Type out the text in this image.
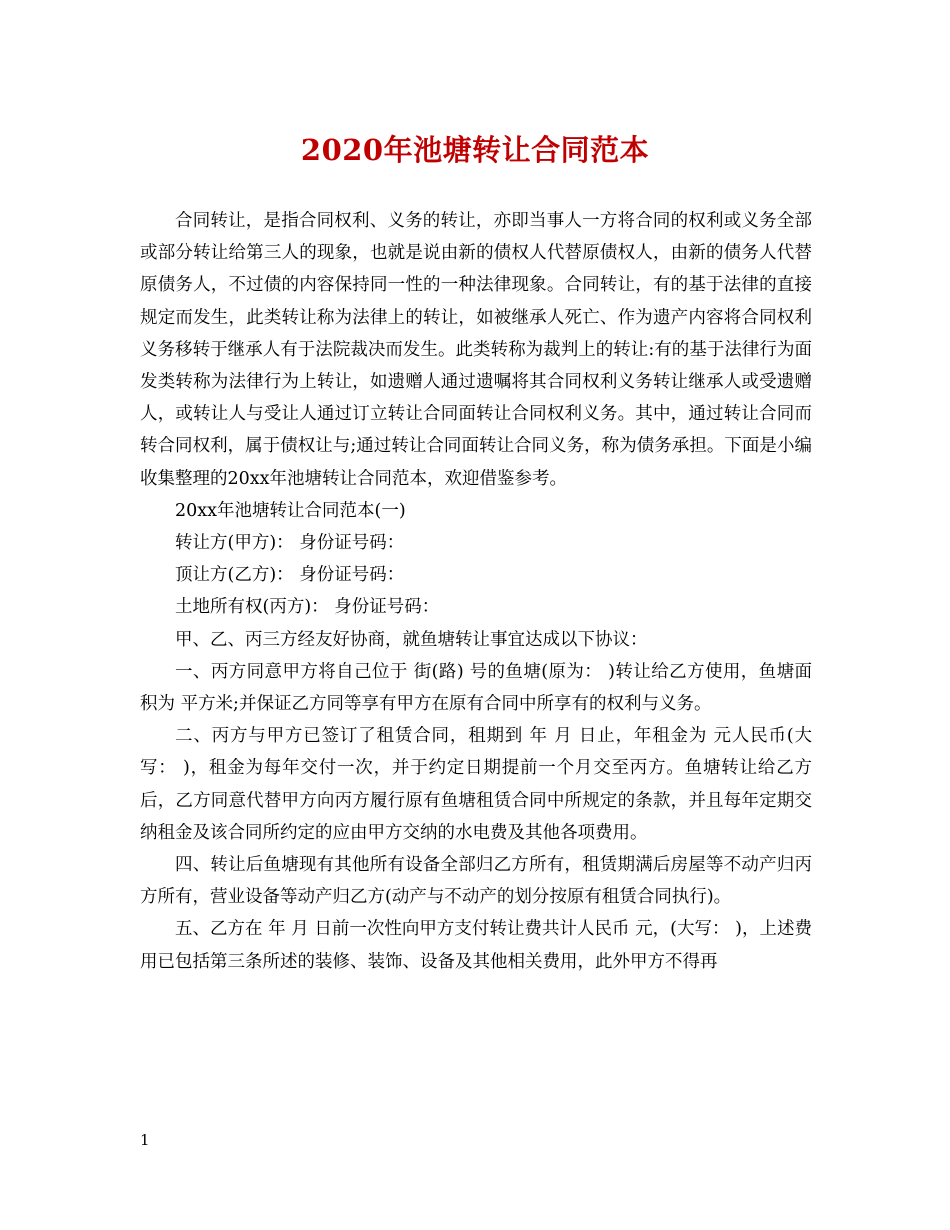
2020年池塘转让合同范本

合同转让，是指合同权利、义务的转让，亦即当事人一方将合同的权利或义务全部或部分转让给第三人的现象，也就是说由新的债权人代替原债权人，由新的债务人代替原债务人，不过债的内容保持同一性的一种法律现象。合同转让，有的基于法律的直接规定而发生，此类转让称为法律上的转让，如被继承人死亡、作为遗产内容将合同权利义务移转于继承人有于法院裁决而发生。此类转称为裁判上的转让:有的基于法律行为面发类转称为法律行为上转让，如遗赠人通过遗嘱将其合同权利义务转让继承人或受遗赠人，或转让人与受让人通过订立转让合同面转让合同权利义务。其中，通过转让合同而转合同权利，属于债权让与;通过转让合同面转让合同义务，称为债务承担。下面是小编收集整理的20xx年池塘转让合同范本，欢迎借鉴参考。

20xx年池塘转让合同范本(一)

转让方(甲方)： 身份证号码：

顶让方(乙方)： 身份证号码：

土地所有权(丙方)： 身份证号码：

甲、乙、丙三方经友好协商，就鱼塘转让事宜达成以下协议：

一、丙方同意甲方将自己位于 街(路) 号的鱼塘(原为： )转让给乙方使用，鱼塘面积为 平方米;并保证乙方同等享有甲方在原有合同中所享有的权利与义务。

二、丙方与甲方已签订了租赁合同，租期到 年 月 日止，年租金为 元人民币(大写： )，租金为每年交付一次，并于约定日期提前一个月交至丙方。鱼塘转让给乙方后，乙方同意代替甲方向丙方履行原有鱼塘租赁合同中所规定的条款，并且每年定期交纳租金及该合同所约定的应由甲方交纳的水电费及其他各项费用。

四、转让后鱼塘现有其他所有设备全部归乙方所有，租赁期满后房屋等不动产归丙方所有，营业设备等动产归乙方(动产与不动产的划分按原有租赁合同执行)。

五、乙方在 年 月 日前一次性向甲方支付转让费共计人民币 元，(大写： )，上述费用已包括第三条所述的装修、装饰、设备及其他相关费用，此外甲方不得再

1
